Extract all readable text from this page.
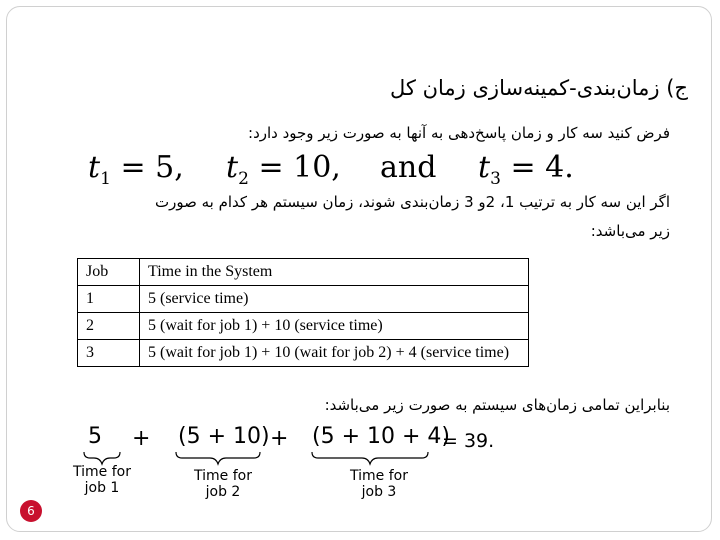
ج) زمان‌بندی-کمینه‌سازی زمان کل
فرض کنید سه کار و زمان پاسخ‌دهی به آنها به صورت زیر وجود دارد:
$t_1 = 5$, $t_2 = 10$, and $t_3 = 4$.
اگر این سه کار به ترتیب 1، 2و 3 زمان‌بندی شوند، زمان سیستم هر کدام به صورت
زیر می‌باشد:
Job	Time in the System
1	5 (service time)
2	5 (wait for job 1) + 10 (service time)
3	5 (wait for job 1) + 10 (wait for job 2) + 4 (service time)
بنابراین تمامی زمان‌های سیستم به صورت زیر می‌باشد:
5 + (5 + 10) + (5 + 10 + 4)
= 39.
Time for
job 1
Time for
job 2
Time for
job 3
6
